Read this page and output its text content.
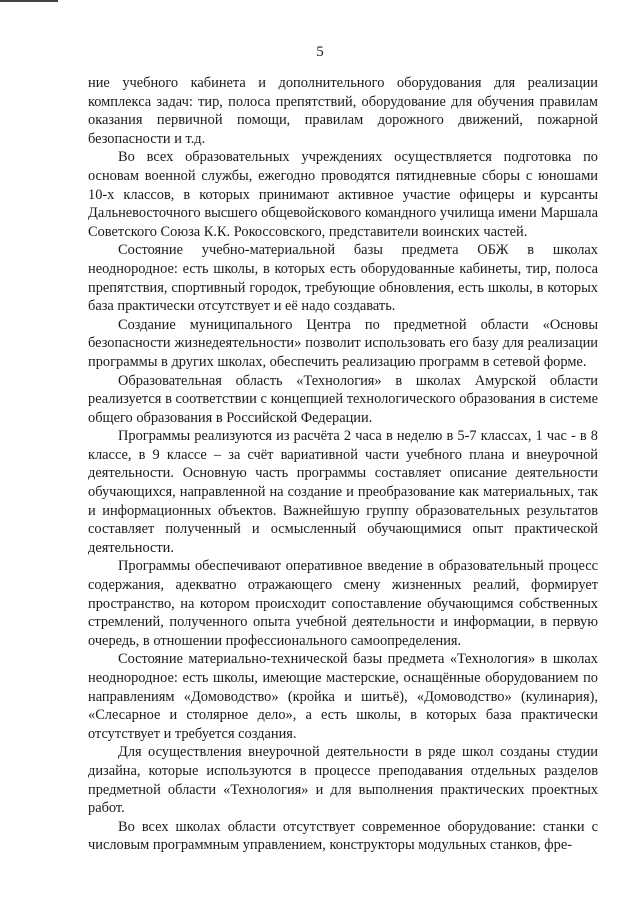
5

ние учебного кабинета и дополнительного оборудования для реализации комплекса задач: тир, полоса препятствий, оборудование для обучения правилам оказания первичной помощи, правилам дорожного движений, пожарной безопасности и т.д.

Во всех образовательных учреждениях осуществляется подготовка по основам военной службы, ежегодно проводятся пятидневные сборы с юношами 10-х классов, в которых принимают активное участие офицеры и курсанты Дальневосточного высшего общевойскового командного училища имени Маршала Советского Союза К.К. Рокоссовского, представители воинских частей.

Состояние учебно-материальной базы предмета ОБЖ в школах неоднородное: есть школы, в которых есть оборудованные кабинеты, тир, полоса препятствия, спортивный городок, требующие обновления, есть школы, в которых база практически отсутствует и её надо создавать.

Создание муниципального Центра по предметной области «Основы безопасности жизнедеятельности» позволит использовать его базу для реализации программы в других школах, обеспечить реализацию программ в сетевой форме.

Образовательная область «Технология» в школах Амурской области реализуется в соответствии с концепцией технологического образования в системе общего образования в Российской Федерации.

Программы реализуются из расчёта 2 часа в неделю в 5-7 классах, 1 час - в 8 классе, в 9 классе – за счёт вариативной части учебного плана и внеурочной деятельности. Основную часть программы составляет описание деятельности обучающихся, направленной на создание и преобразование как материальных, так и информационных объектов. Важнейшую группу образовательных результатов составляет полученный и осмысленный обучающимися опыт практической деятельности.

Программы обеспечивают оперативное введение в образовательный процесс содержания, адекватно отражающего смену жизненных реалий, формирует пространство, на котором происходит сопоставление обучающимся собственных стремлений, полученного опыта учебной деятельности и информации, в первую очередь, в отношении профессионального самоопределения.

Состояние материально-технической базы предмета «Технология» в школах неоднородное: есть школы, имеющие мастерские, оснащённые оборудованием по направлениям «Домоводство» (кройка и шитьё), «Домоводство» (кулинария), «Слесарное и столярное дело», а есть школы, в которых база практически отсутствует и требуется создания.

Для осуществления внеурочной деятельности в ряде школ созданы студии дизайна, которые используются в процессе преподавания отдельных разделов предметной области «Технология» и для выполнения практических проектных работ.

Во всех школах области отсутствует современное оборудование: станки с числовым программным управлением, конструкторы модульных станков, фре-
